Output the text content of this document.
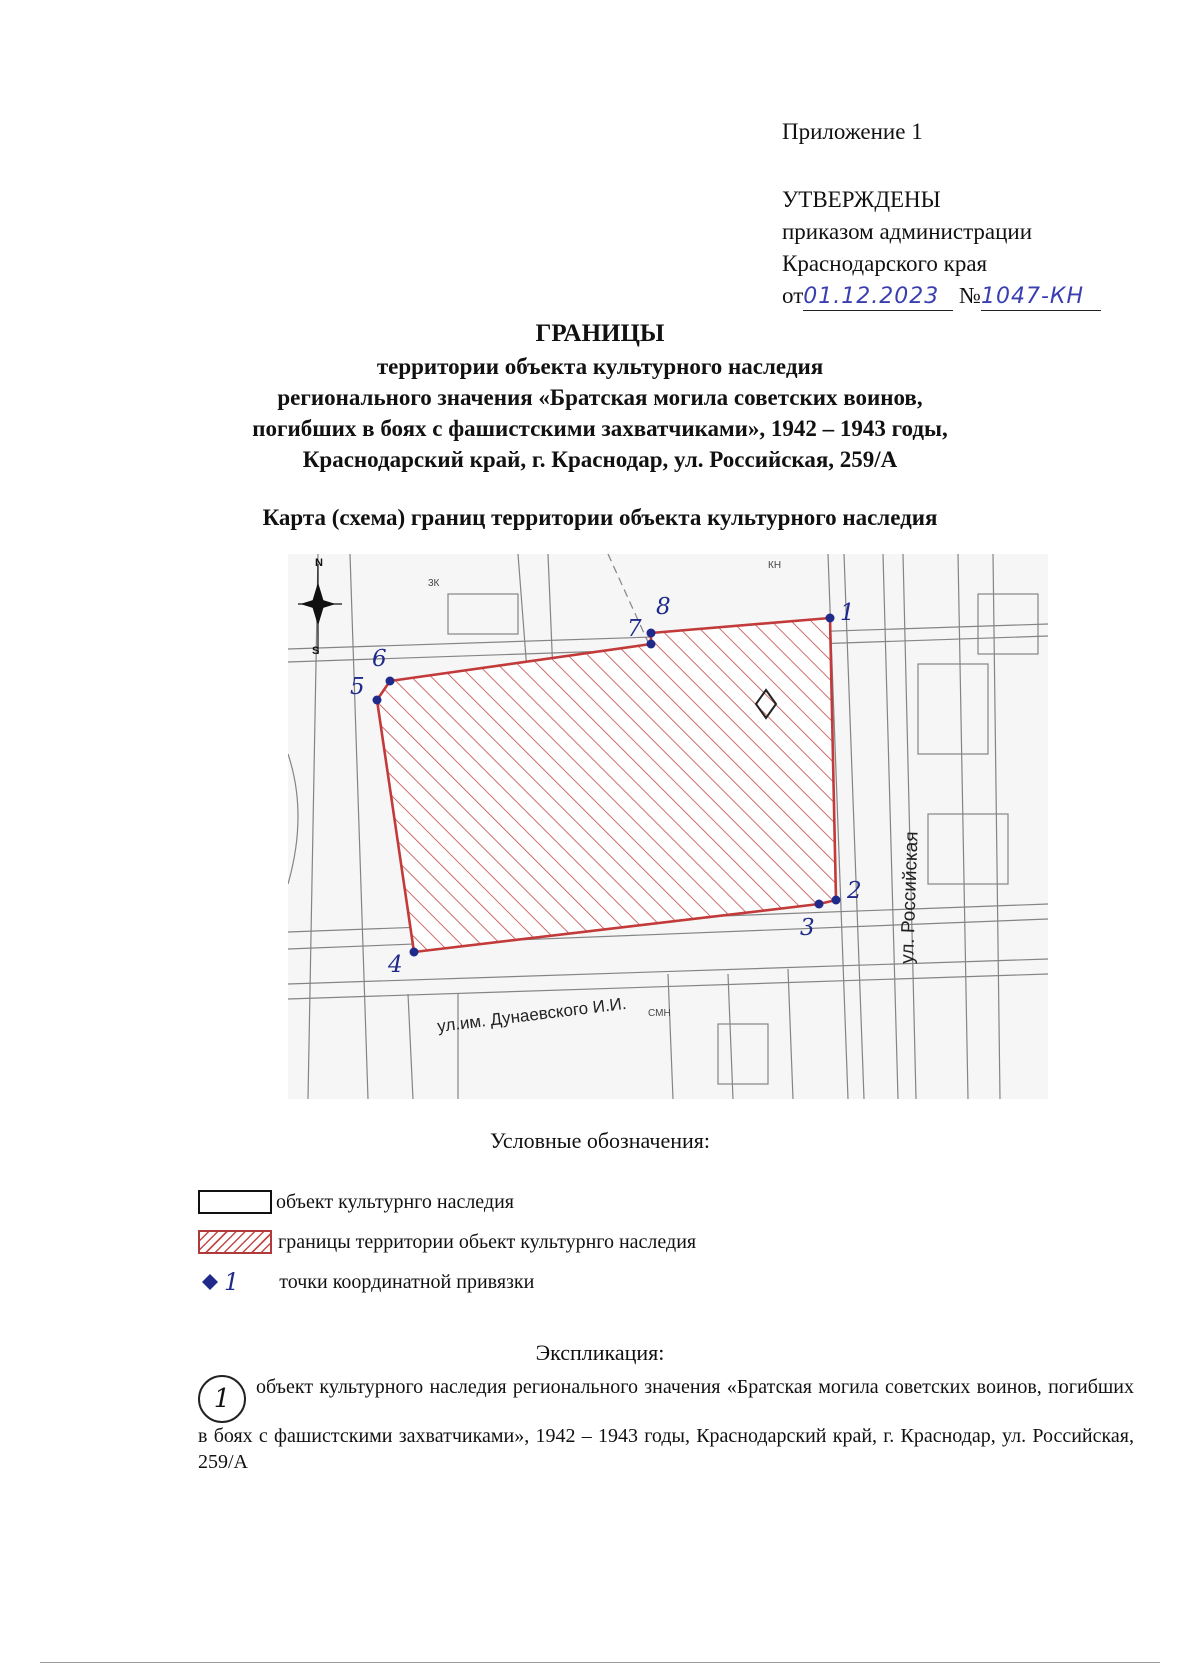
Приложение 1
УТВЕРЖДЕНЫ
приказом администрации
Краснодарского края
от01.12.2023 №1047-КН
ГРАНИЦЫ
территории объекта культурного наследия
регионального значения «Братская могила советских воинов,
погибших в боях с фашистскими захватчиками», 1942 – 1943 годы,
Краснодарский край, г. Краснодар, ул. Российская, 259/А
Карта (схема) границ территории объекта культурного наследия
N
S
3К
КН
СМН
ул. Российская
ул.им. Дунаевского И.И.
1
2
3
4
5
6
7
8
Условные обозначения:
объект культурнго наследия
границы территории обьект культурнго наследия
1 точки координатной привязки
Экспликация:
1 объект культурного наследия регионального значения «Братская могила советских воинов, погибших в боях с фашистскими захватчиками», 1942 – 1943 годы, Краснодарский край, г. Краснодар, ул. Российская, 259/А
